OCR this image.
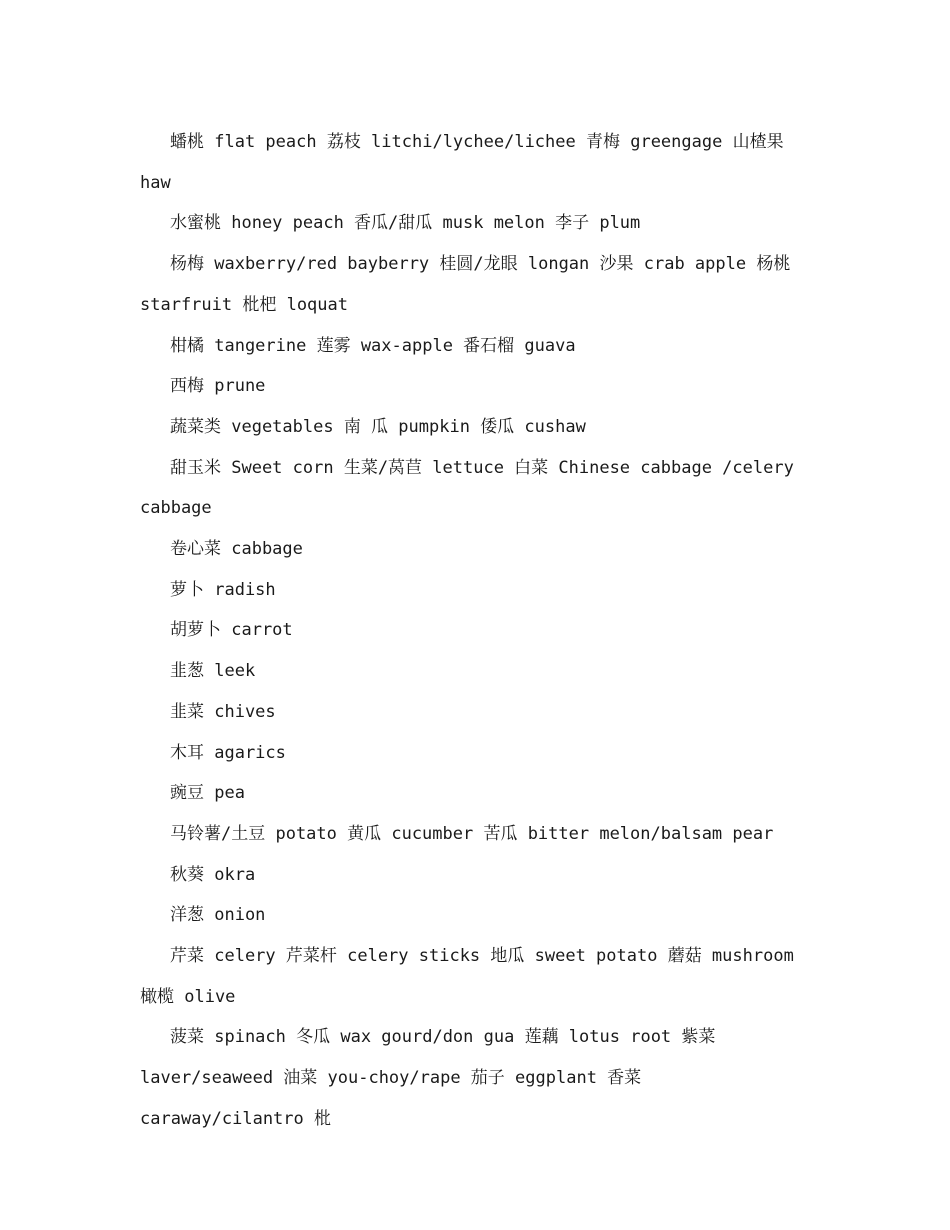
蟠桃 flat peach 荔枝 litchi/lychee/lichee 青梅 greengage 山楂果 haw

水蜜桃 honey peach 香瓜/甜瓜 musk melon 李子 plum

杨梅 waxberry/red bayberry 桂圆/龙眼 longan 沙果 crab apple 杨桃 starfruit 枇杷 loquat

柑橘 tangerine 莲雾 wax-apple 番石榴 guava

西梅 prune

蔬菜类 vegetables 南 瓜 pumpkin 倭瓜 cushaw

甜玉米 Sweet corn 生菜/莴苣 lettuce 白菜 Chinese cabbage /celery cabbage

卷心菜 cabbage

萝卜 radish

胡萝卜 carrot

韭葱 leek

韭菜 chives

木耳 agarics

豌豆 pea

马铃薯/土豆 potato 黄瓜 cucumber 苦瓜 bitter melon/balsam pear

秋葵 okra

洋葱 onion

芹菜 celery 芹菜杆 celery sticks 地瓜 sweet potato 蘑菇 mushroom 橄榄 olive

菠菜 spinach 冬瓜 wax gourd/don gua 莲藕 lotus root 紫菜 laver/seaweed 油菜 you-choy/rape 茄子 eggplant 香菜 caraway/cilantro 枇
